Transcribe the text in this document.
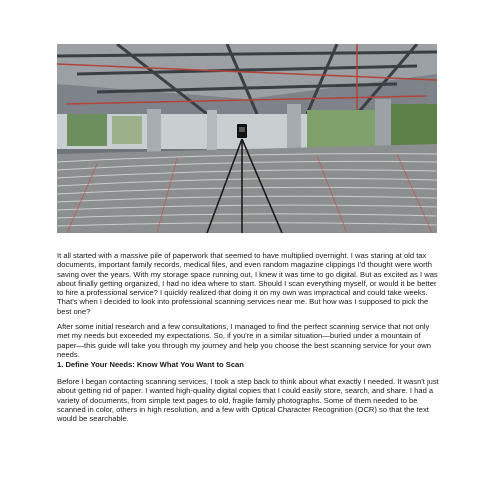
It all started with a massive pile of paperwork that seemed to have multiplied overnight. I was staring at old tax documents, important family records, medical files, and even random magazine clippings I'd thought were worth saving over the years. With my storage space running out, I knew it was time to go digital. But as excited as I was about finally getting organized, I had no idea where to start. Should I scan everything myself, or would it be better to hire a professional service? I quickly realized that doing it on my own was impractical and could take weeks. That's when I decided to look into professional scanning services near me. But how was I supposed to pick the best one?

After some initial research and a few consultations, I managed to find the perfect scanning service that not only met my needs but exceeded my expectations. So, if you're in a similar situation—buried under a mountain of paper—this guide will take you through my journey and help you choose the best scanning service for your own needs.

1. Define Your Needs: Know What You Want to Scan

Before I began contacting scanning services, I took a step back to think about what exactly I needed. It wasn't just about getting rid of paper. I wanted high-quality digital copies that I could easily store, search, and share. I had a variety of documents, from simple text pages to old, fragile family photographs. Some of them needed to be scanned in color, others in high resolution, and a few with Optical Character Recognition (OCR) so that the text would be searchable.
